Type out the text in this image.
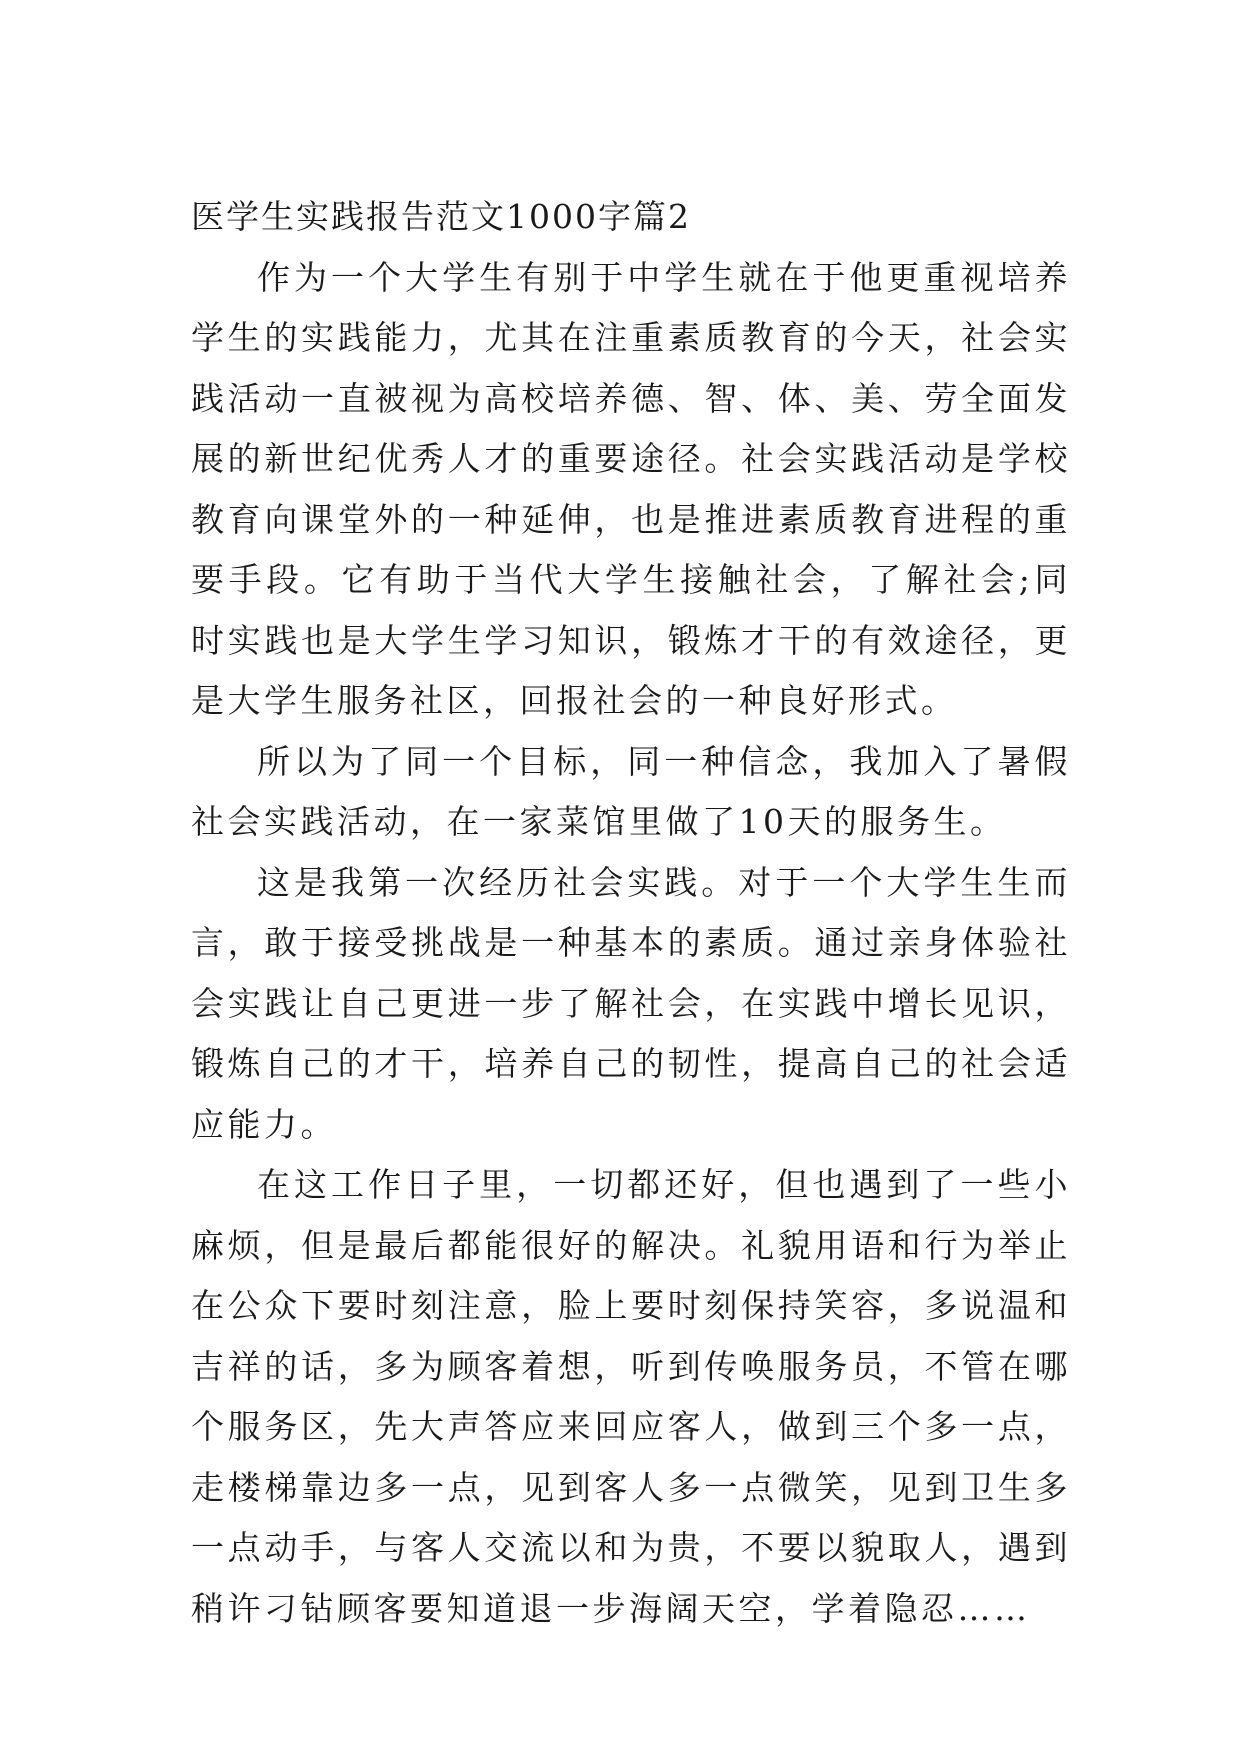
医学生实践报告范文1000字篇2

作为一个大学生有别于中学生就在于他更重视培养学生的实践能力，尤其在注重素质教育的今天，社会实践活动一直被视为高校培养德、智、体、美、劳全面发展的新世纪优秀人才的重要途径。社会实践活动是学校教育向课堂外的一种延伸，也是推进素质教育进程的重要手段。它有助于当代大学生接触社会，了解社会;同时实践也是大学生学习知识，锻炼才干的有效途径，更是大学生服务社区，回报社会的一种良好形式。

所以为了同一个目标，同一种信念，我加入了暑假社会实践活动，在一家菜馆里做了10天的服务生。

这是我第一次经历社会实践。对于一个大学生生而言，敢于接受挑战是一种基本的素质。通过亲身体验社会实践让自己更进一步了解社会，在实践中增长见识，锻炼自己的才干，培养自己的韧性，提高自己的社会适应能力。

在这工作日子里，一切都还好，但也遇到了一些小麻烦，但是最后都能很好的解决。礼貌用语和行为举止在公众下要时刻注意，脸上要时刻保持笑容，多说温和吉祥的话，多为顾客着想，听到传唤服务员，不管在哪个服务区，先大声答应来回应客人，做到三个多一点，走楼梯靠边多一点，见到客人多一点微笑，见到卫生多一点动手，与客人交流以和为贵，不要以貌取人，遇到稍许刁钻顾客要知道退一步海阔天空，学着隐忍……
